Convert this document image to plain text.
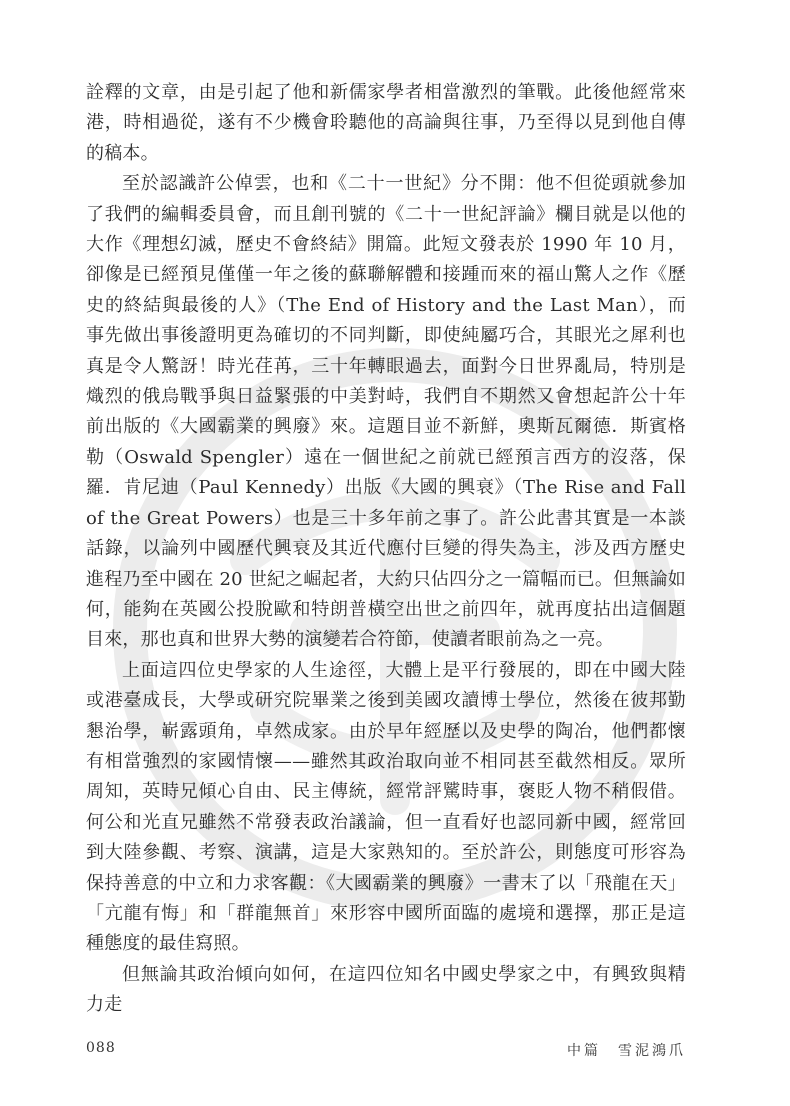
詮釋的文章，由是引起了他和新儒家學者相當激烈的筆戰。此後他經常來港，時相過從，遂有不少機會聆聽他的高論與往事，乃至得以見到他自傳的稿本。

至於認識許公倬雲，也和《二十一世紀》分不開：他不但從頭就參加了我們的編輯委員會，而且創刊號的《二十一世紀評論》欄目就是以他的大作《理想幻滅，歷史不會終結》開篇。此短文發表於 1990 年 10 月，卻像是已經預見僅僅一年之後的蘇聯解體和接踵而來的福山驚人之作《歷史的終結與最後的人》（The End of History and the Last Man），而事先做出事後證明更為確切的不同判斷，即使純屬巧合，其眼光之犀利也真是令人驚訝！時光荏苒，三十年轉眼過去，面對今日世界亂局，特別是熾烈的俄烏戰爭與日益緊張的中美對峙，我們自不期然又會想起許公十年前出版的《大國霸業的興廢》來。這題目並不新鮮，奧斯瓦爾德．斯賓格勒（Oswald Spengler）遠在一個世紀之前就已經預言西方的沒落，保羅．肯尼迪（Paul Kennedy）出版《大國的興衰》（The Rise and Fall of the Great Powers）也是三十多年前之事了。許公此書其實是一本談話錄，以論列中國歷代興衰及其近代應付巨變的得失為主，涉及西方歷史進程乃至中國在 20 世紀之崛起者，大約只佔四分之一篇幅而已。但無論如何，能夠在英國公投脫歐和特朗普橫空出世之前四年，就再度拈出這個題目來，那也真和世界大勢的演變若合符節，使讀者眼前為之一亮。

上面這四位史學家的人生途徑，大體上是平行發展的，即在中國大陸或港臺成長，大學或研究院畢業之後到美國攻讀博士學位，然後在彼邦勤懇治學，嶄露頭角，卓然成家。由於早年經歷以及史學的陶冶，他們都懷有相當強烈的家國情懷——雖然其政治取向並不相同甚至截然相反。眾所周知，英時兄傾心自由、民主傳統，經常評騭時事，褒貶人物不稍假借。何公和光直兄雖然不常發表政治議論，但一直看好也認同新中國，經常回到大陸參觀、考察、演講，這是大家熟知的。至於許公，則態度可形容為保持善意的中立和力求客觀：《大國霸業的興廢》一書末了以「飛龍在天」「亢龍有悔」和「群龍無首」來形容中國所面臨的處境和選擇，那正是這種態度的最佳寫照。

但無論其政治傾向如何，在這四位知名中國史學家之中，有興致與精力走

088	中篇　雪泥鴻爪
